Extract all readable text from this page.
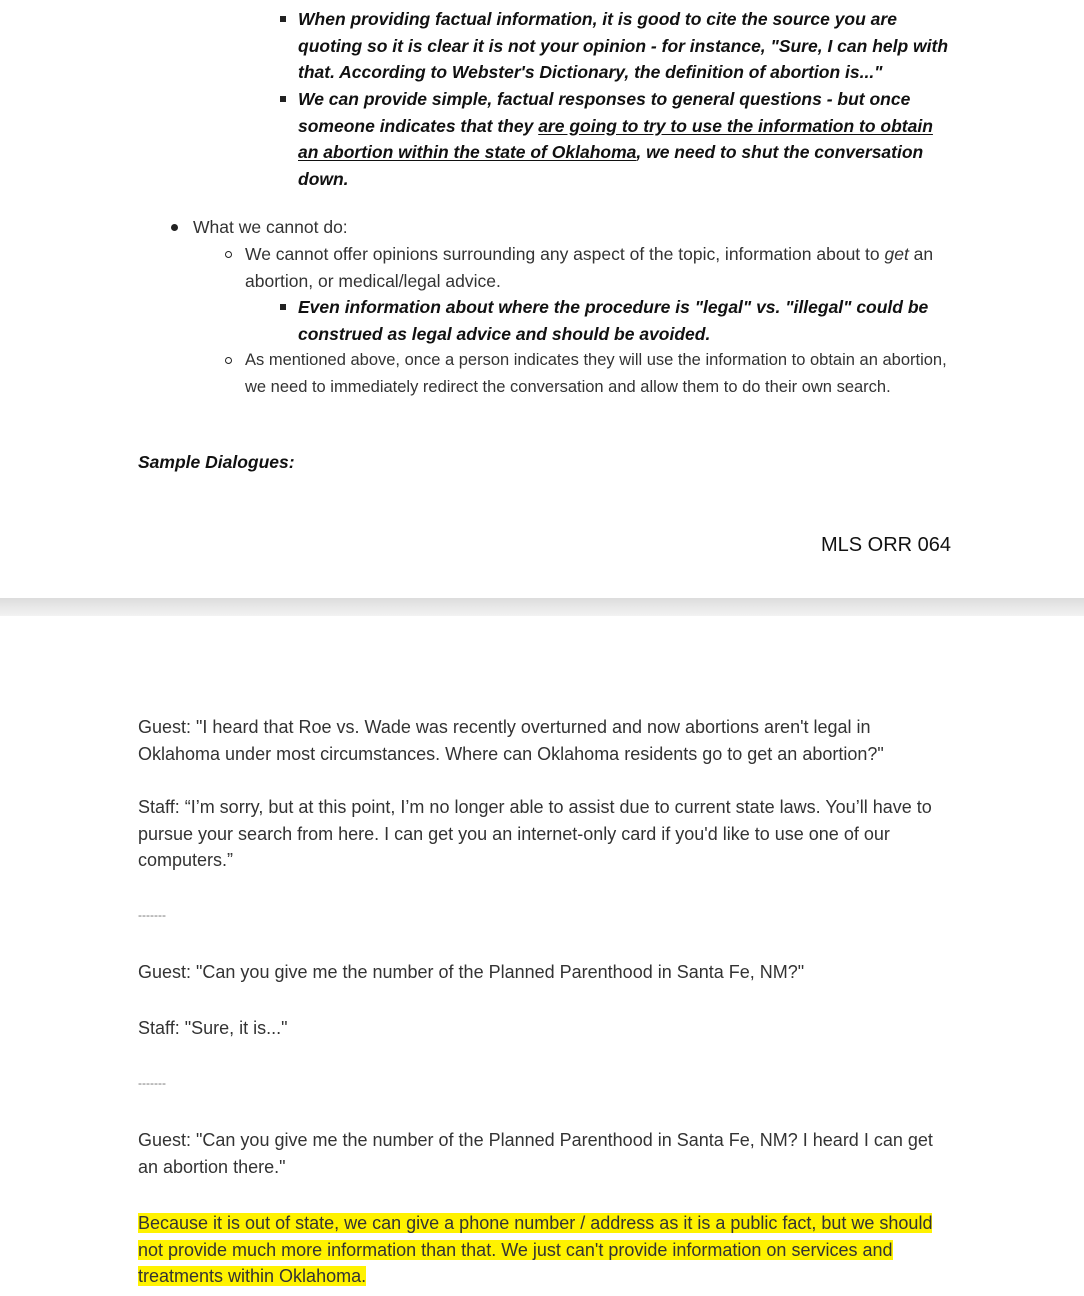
When providing factual information, it is good to cite the source you are quoting so it is clear it is not your opinion - for instance, "Sure, I can help with that. According to Webster's Dictionary, the definition of abortion is..."
We can provide simple, factual responses to general questions - but once someone indicates that they are going to try to use the information to obtain an abortion within the state of Oklahoma, we need to shut the conversation down.
What we cannot do:
We cannot offer opinions surrounding any aspect of the topic, information about to get an abortion, or medical/legal advice.
Even information about where the procedure is "legal" vs. "illegal" could be construed as legal advice and should be avoided.
As mentioned above, once a person indicates they will use the information to obtain an abortion, we need to immediately redirect the conversation and allow them to do their own search.
Sample Dialogues:
MLS ORR 064
Guest: "I heard that Roe vs. Wade was recently overturned and now abortions aren't legal in Oklahoma under most circumstances. Where can Oklahoma residents go to get an abortion?"
Staff: “I’m sorry, but at this point, I’m no longer able to assist due to current state laws. You’ll have to pursue your search from here. I can get you an internet-only card if you'd like to use one of our computers.”
-------
Guest: "Can you give me the number of the Planned Parenthood in Santa Fe, NM?"
Staff: "Sure, it is..."
-------
Guest: "Can you give me the number of the Planned Parenthood in Santa Fe, NM? I heard I can get an abortion there."
Because it is out of state, we can give a phone number / address as it is a public fact, but we should
not provide much more information than that. We just can't provide information on services and
treatments within Oklahoma.
